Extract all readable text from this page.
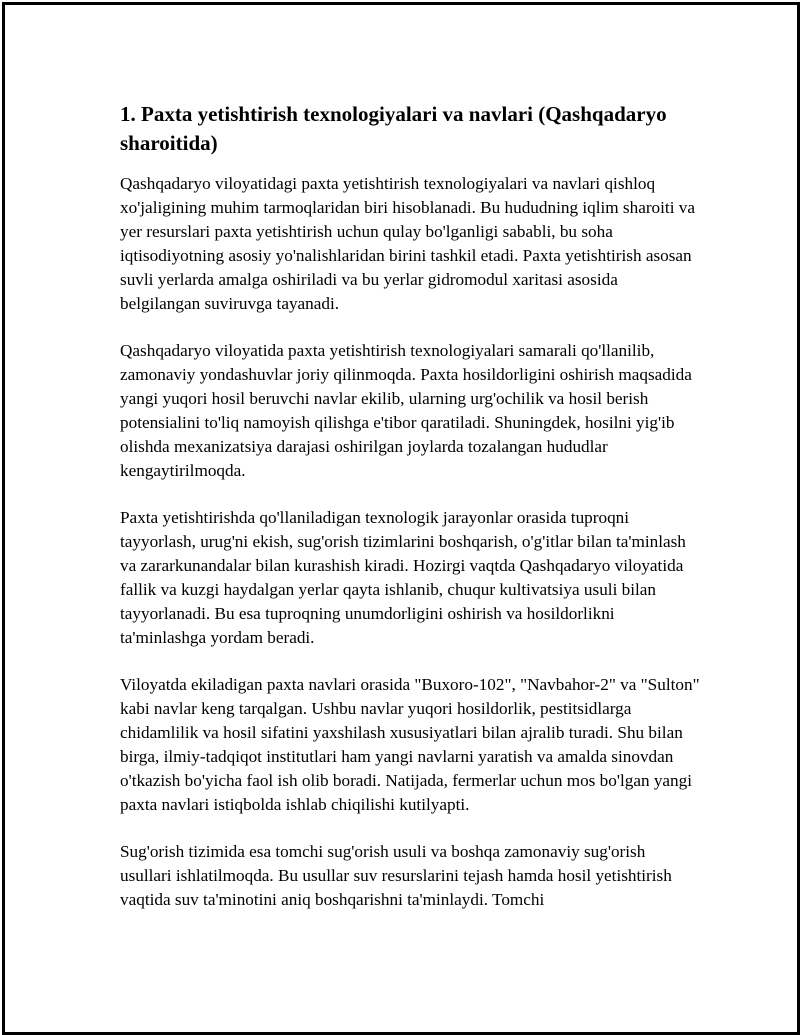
1. Paxta yetishtirish texnologiyalari va navlari (Qashqadaryo sharoitida)

Qashqadaryo viloyatidagi paxta yetishtirish texnologiyalari va navlari qishloq xo'jaligining muhim tarmoqlaridan biri hisoblanadi. Bu hududning iqlim sharoiti va yer resurslari paxta yetishtirish uchun qulay bo'lganligi sababli, bu soha iqtisodiyotning asosiy yo'nalishlaridan birini tashkil etadi. Paxta yetishtirish asosan suvli yerlarda amalga oshiriladi va bu yerlar gidromodul xaritasi asosida belgilangan suviruvga tayanadi.

Qashqadaryo viloyatida paxta yetishtirish texnologiyalari samarali qo'llanilib, zamonaviy yondashuvlar joriy qilinmoqda. Paxta hosildorligini oshirish maqsadida yangi yuqori hosil beruvchi navlar ekilib, ularning urg'ochilik va hosil berish potensialini to'liq namoyish qilishga e'tibor qaratiladi. Shuningdek, hosilni yig'ib olishda mexanizatsiya darajasi oshirilgan joylarda tozalangan hududlar kengaytirilmoqda.

Paxta yetishtirishda qo'llaniladigan texnologik jarayonlar orasida tuproqni tayyorlash, urug'ni ekish, sug'orish tizimlarini boshqarish, o'g'itlar bilan ta'minlash va zararkunandalar bilan kurashish kiradi. Hozirgi vaqtda Qashqadaryo viloyatida fallik va kuzgi haydalgan yerlar qayta ishlanib, chuqur kultivatsiya usuli bilan tayyorlanadi. Bu esa tuproqning unumdorligini oshirish va hosildorlikni ta'minlashga yordam beradi.

Viloyatda ekiladigan paxta navlari orasida "Buxoro-102", "Navbahor-2" va "Sulton" kabi navlar keng tarqalgan. Ushbu navlar yuqori hosildorlik, pestitsidlarga chidamlilik va hosil sifatini yaxshilash xususiyatlari bilan ajralib turadi. Shu bilan birga, ilmiy-tadqiqot institutlari ham yangi navlarni yaratish va amalda sinovdan o'tkazish bo'yicha faol ish olib boradi. Natijada, fermerlar uchun mos bo'lgan yangi paxta navlari istiqbolda ishlab chiqilishi kutilyapti.

Sug'orish tizimida esa tomchi sug'orish usuli va boshqa zamonaviy sug'orish usullari ishlatilmoqda. Bu usullar suv resurslarini tejash hamda hosil yetishtirish vaqtida suv ta'minotini aniq boshqarishni ta'minlaydi. Tomchi
